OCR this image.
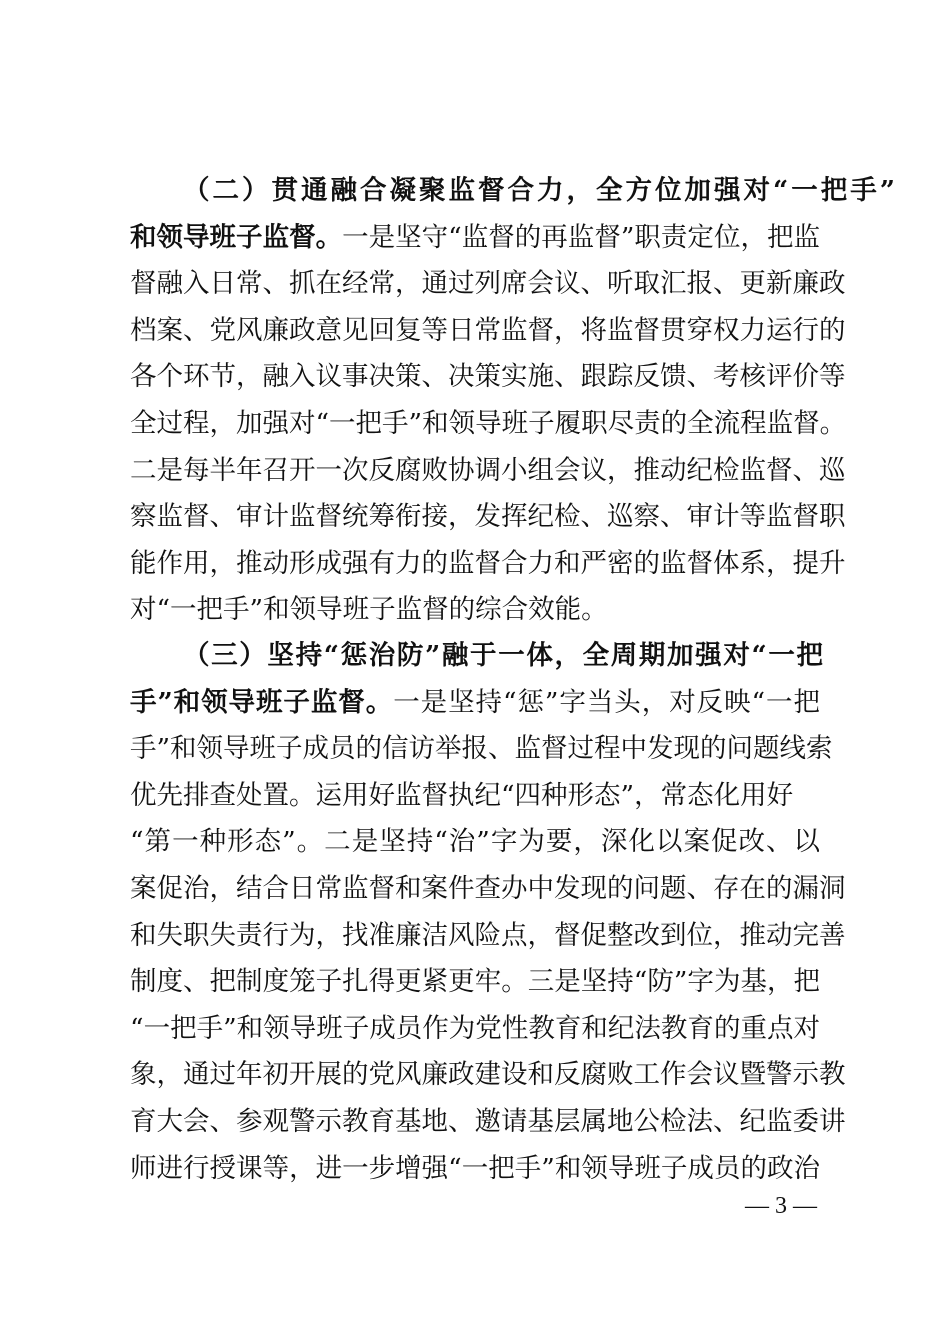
（二）贯通融合凝聚监督合力，全方位加强对“一把手”
和领导班子监督。一是坚守“监督的再监督”职责定位，把监
督融入日常、抓在经常，通过列席会议、听取汇报、更新廉政
档案、党风廉政意见回复等日常监督，将监督贯穿权力运行的
各个环节，融入议事决策、决策实施、跟踪反馈、考核评价等
全过程，加强对“一把手”和领导班子履职尽责的全流程监督。
二是每半年召开一次反腐败协调小组会议，推动纪检监督、巡
察监督、审计监督统筹衔接，发挥纪检、巡察、审计等监督职
能作用，推动形成强有力的监督合力和严密的监督体系，提升
对“一把手”和领导班子监督的综合效能。
（三）坚持“惩治防”融于一体，全周期加强对“一把
手”和领导班子监督。一是坚持“惩”字当头，对反映“一把
手”和领导班子成员的信访举报、监督过程中发现的问题线索
优先排查处置。运用好监督执纪“四种形态”，常态化用好
“第一种形态”。二是坚持“治”字为要，深化以案促改、以
案促治，结合日常监督和案件查办中发现的问题、存在的漏洞
和失职失责行为，找准廉洁风险点，督促整改到位，推动完善
制度、把制度笼子扎得更紧更牢。三是坚持“防”字为基，把
“一把手”和领导班子成员作为党性教育和纪法教育的重点对
象，通过年初开展的党风廉政建设和反腐败工作会议暨警示教
育大会、参观警示教育基地、邀请基层属地公检法、纪监委讲
师进行授课等，进一步增强“一把手”和领导班子成员的政治
— 3 —
